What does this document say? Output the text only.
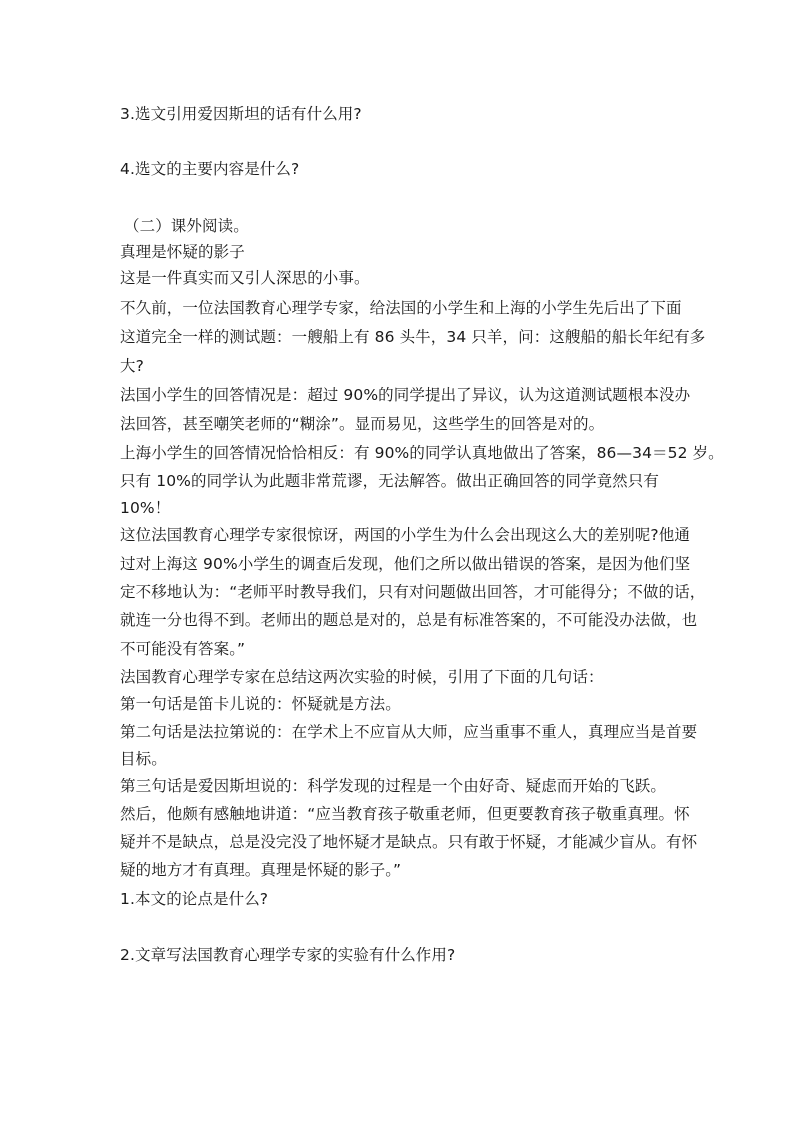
3.选文引用爱因斯坦的话有什么用?
4.选文的主要内容是什么?
（二）课外阅读。
真理是怀疑的影子
这是一件真实而又引人深思的小事。
不久前，一位法国教育心理学专家，给法国的小学生和上海的小学生先后出了下面
这道完全一样的测试题：一艘船上有 86 头牛，34 只羊，问：这艘船的船长年纪有多
大?
法国小学生的回答情况是：超过 90%的同学提出了异议，认为这道测试题根本没办
法回答，甚至嘲笑老师的“糊涂”。显而易见，这些学生的回答是对的。
上海小学生的回答情况恰恰相反：有 90%的同学认真地做出了答案，86—34＝52 岁。
只有 10%的同学认为此题非常荒谬，无法解答。做出正确回答的同学竟然只有
10%！
这位法国教育心理学专家很惊讶，两国的小学生为什么会出现这么大的差别呢?他通
过对上海这 90%小学生的调查后发现，他们之所以做出错误的答案，是因为他们坚
定不移地认为：“老师平时教导我们，只有对问题做出回答，才可能得分；不做的话，
就连一分也得不到。老师出的题总是对的，总是有标准答案的，不可能没办法做，也
不可能没有答案。”
法国教育心理学专家在总结这两次实验的时候，引用了下面的几句话：
第一句话是笛卡儿说的：怀疑就是方法。
第二句话是法拉第说的：在学术上不应盲从大师，应当重事不重人，真理应当是首要
目标。
第三句话是爱因斯坦说的：科学发现的过程是一个由好奇、疑虑而开始的飞跃。
然后，他颇有感触地讲道：“应当教育孩子敬重老师，但更要教育孩子敬重真理。怀
疑并不是缺点，总是没完没了地怀疑才是缺点。只有敢于怀疑，才能减少盲从。有怀
疑的地方才有真理。真理是怀疑的影子。”
1.本文的论点是什么?
2.文章写法国教育心理学专家的实验有什么作用?
